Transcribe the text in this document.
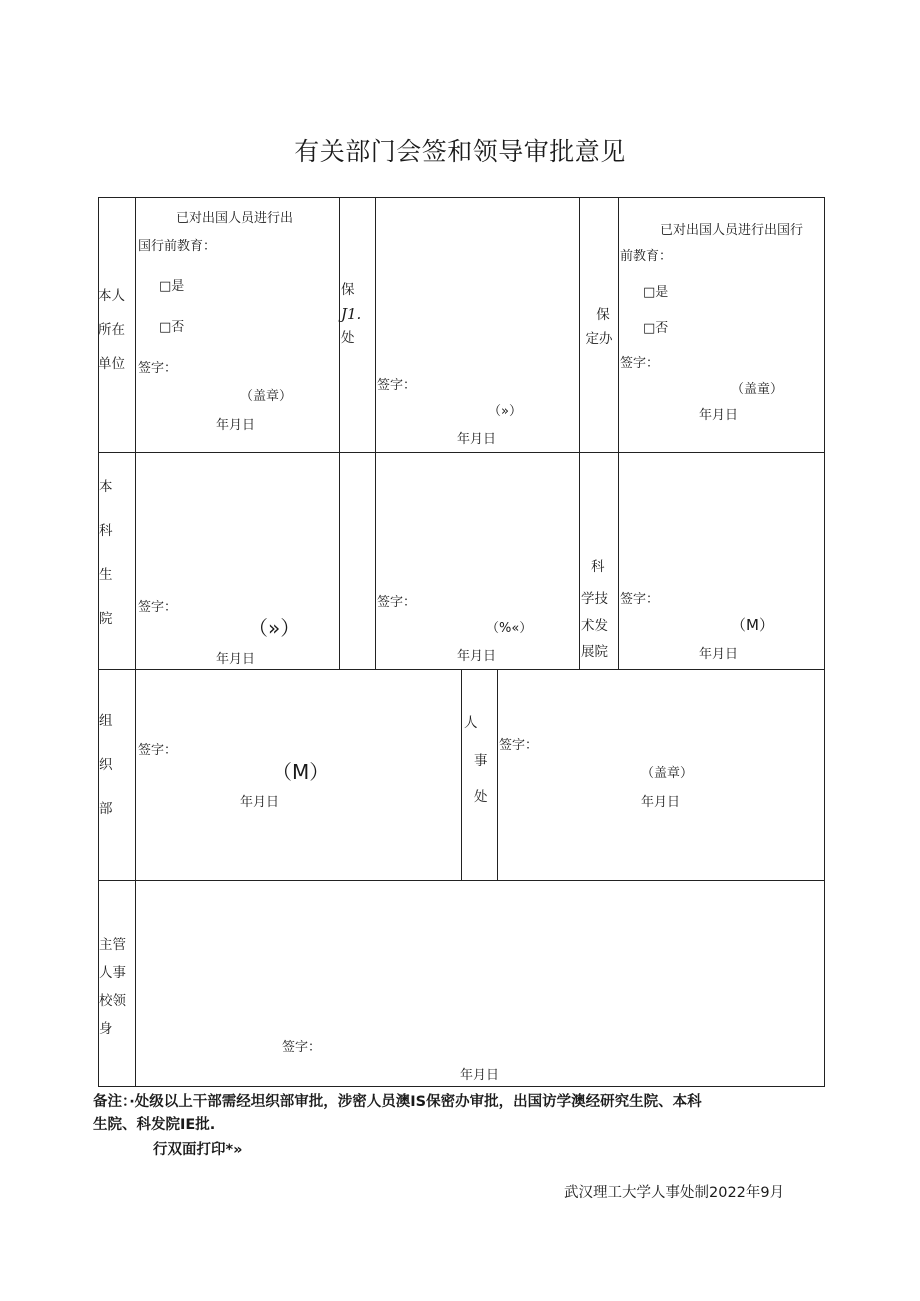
有关部门会签和领导审批意见
本人
所在
单位
已对出国人员进行出
国行前教育：
□是
□否
签字：
（盖章）
年月日
保
J1.
处
签字：
（»）
年月日
保
定办
已对出国人员进行出国行
前教育：
□是
□否
签字：
（盖童）
年月日
本
科
生
院
签字：
（»）
年月日
签字：
（%«）
年月日
科
学技
术发
展院
签字：
（M）
年月日
组
织
部
签字：
（M）
年月日
人
事
处
签字：
（盖章）
年月日
主管
人事
校领
身
签字：
年月日
备注：·处级以上干部需经坦织部审批，涉密人员澳IS保密办审批，出国访学澳经研究生院、本科
生院、科发院IE批.
行双面打印*»
武汉理工大学人事处制2022年9月
